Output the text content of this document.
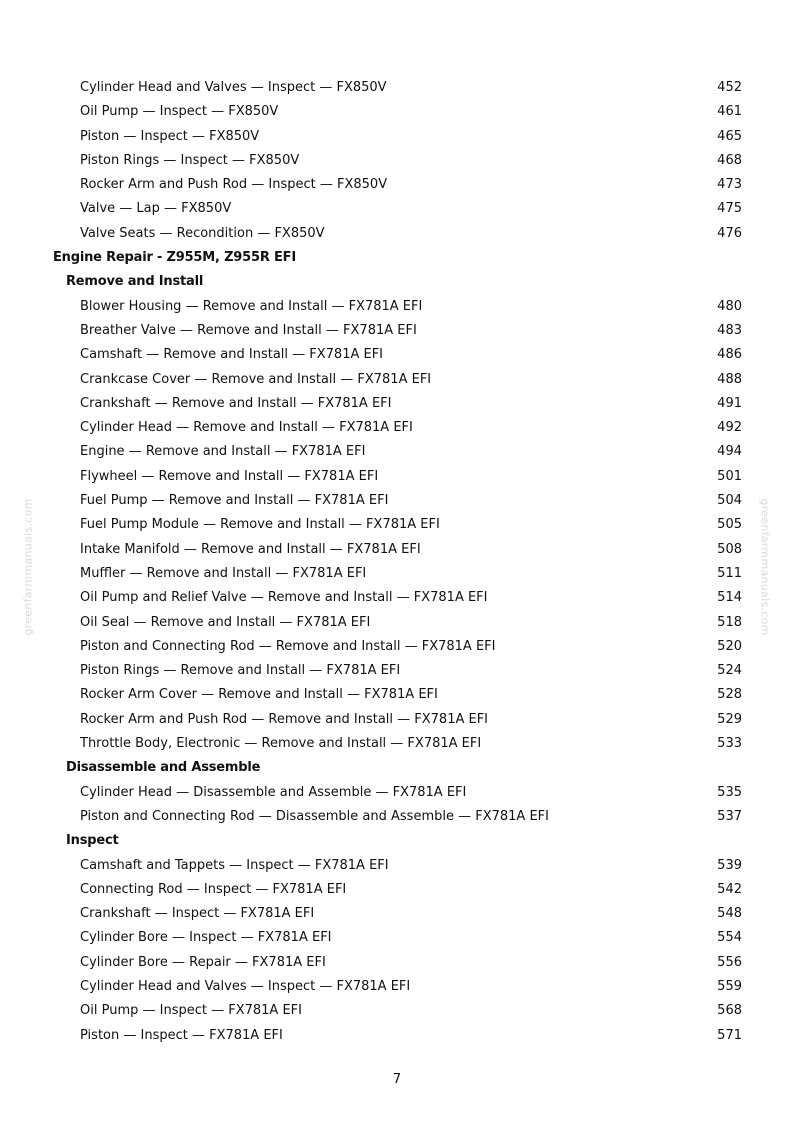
greenfarmmanuals.com	greenfarmmanuals.com
Cylinder Head and Valves — Inspect — FX850V	452
Oil Pump — Inspect — FX850V	461
Piston — Inspect — FX850V	465
Piston Rings — Inspect — FX850V	468
Rocker Arm and Push Rod — Inspect — FX850V	473
Valve — Lap — FX850V	475
Valve Seats — Recondition — FX850V	476
Engine Repair - Z955M, Z955R EFI
Remove and Install
Blower Housing — Remove and Install — FX781A EFI	480
Breather Valve — Remove and Install — FX781A EFI	483
Camshaft — Remove and Install — FX781A EFI	486
Crankcase Cover — Remove and Install — FX781A EFI	488
Crankshaft — Remove and Install — FX781A EFI	491
Cylinder Head — Remove and Install — FX781A EFI	492
Engine — Remove and Install — FX781A EFI	494
Flywheel — Remove and Install — FX781A EFI	501
Fuel Pump — Remove and Install — FX781A EFI	504
Fuel Pump Module — Remove and Install — FX781A EFI	505
Intake Manifold — Remove and Install — FX781A EFI	508
Muffler — Remove and Install — FX781A EFI	511
Oil Pump and Relief Valve — Remove and Install — FX781A EFI	514
Oil Seal — Remove and Install — FX781A EFI	518
Piston and Connecting Rod — Remove and Install — FX781A EFI	520
Piston Rings — Remove and Install — FX781A EFI	524
Rocker Arm Cover — Remove and Install — FX781A EFI	528
Rocker Arm and Push Rod — Remove and Install — FX781A EFI	529
Throttle Body, Electronic — Remove and Install — FX781A EFI	533
Disassemble and Assemble
Cylinder Head — Disassemble and Assemble — FX781A EFI	535
Piston and Connecting Rod — Disassemble and Assemble — FX781A EFI	537
Inspect
Camshaft and Tappets — Inspect — FX781A EFI	539
Connecting Rod — Inspect — FX781A EFI	542
Crankshaft — Inspect — FX781A EFI	548
Cylinder Bore — Inspect — FX781A EFI	554
Cylinder Bore — Repair — FX781A EFI	556
Cylinder Head and Valves — Inspect — FX781A EFI	559
Oil Pump — Inspect — FX781A EFI	568
Piston — Inspect — FX781A EFI	571
7
